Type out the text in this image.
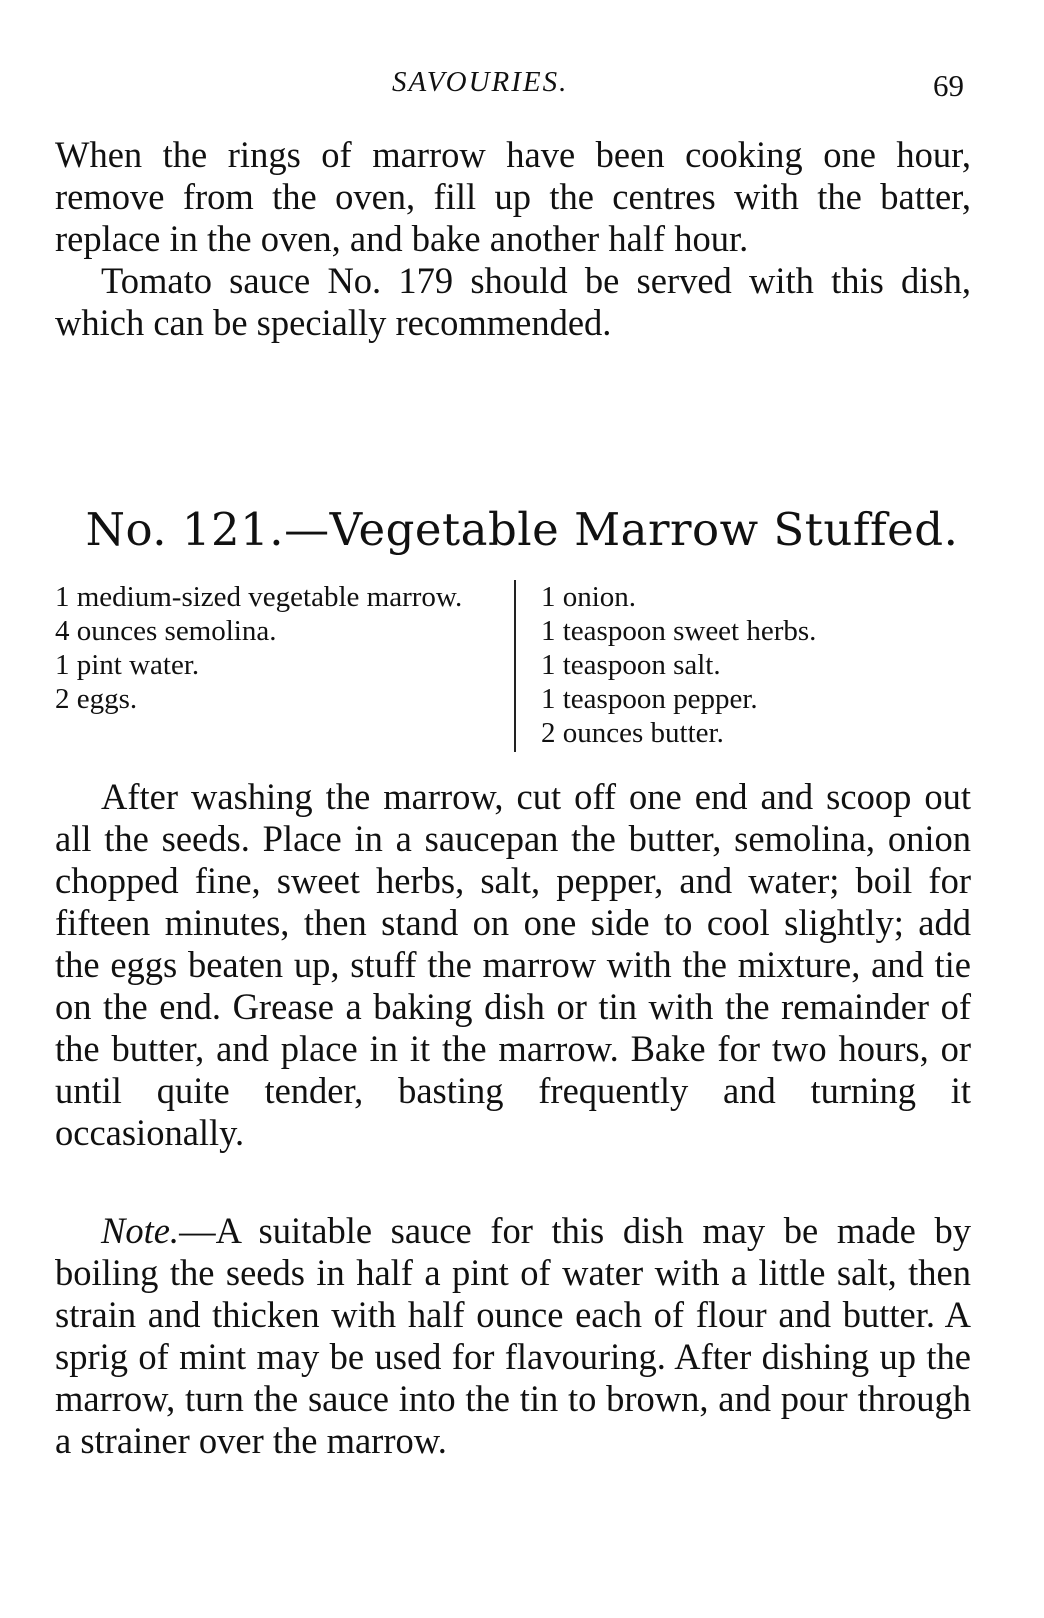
SAVOURIES.	69

When the rings of marrow have been cooking one hour, remove from the oven, fill up the centres with the batter, replace in the oven, and bake another half hour.

Tomato sauce No. 179 should be served with this dish, which can be specially recommended.

No. 121.—Vegetable Marrow Stuffed.
1 medium-sized vegetable marrow.
4 ounces semolina.
1 pint water.
2 eggs.
1 onion.
1 teaspoon sweet herbs.
1 teaspoon salt.
1 teaspoon pepper.
2 ounces butter.

After washing the marrow, cut off one end and scoop out all the seeds. Place in a saucepan the butter, semolina, onion chopped fine, sweet herbs, salt, pepper, and water; boil for fifteen minutes, then stand on one side to cool slightly; add the eggs beaten up, stuff the marrow with the mixture, and tie on the end. Grease a baking dish or tin with the remainder of the butter, and place in it the marrow. Bake for two hours, or until quite tender, basting frequently and turning it occasionally.

Note.—A suitable sauce for this dish may be made by boiling the seeds in half a pint of water with a little salt, then strain and thicken with half ounce each of flour and butter. A sprig of mint may be used for flavouring. After dishing up the marrow, turn the sauce into the tin to brown, and pour through a strainer over the marrow.
